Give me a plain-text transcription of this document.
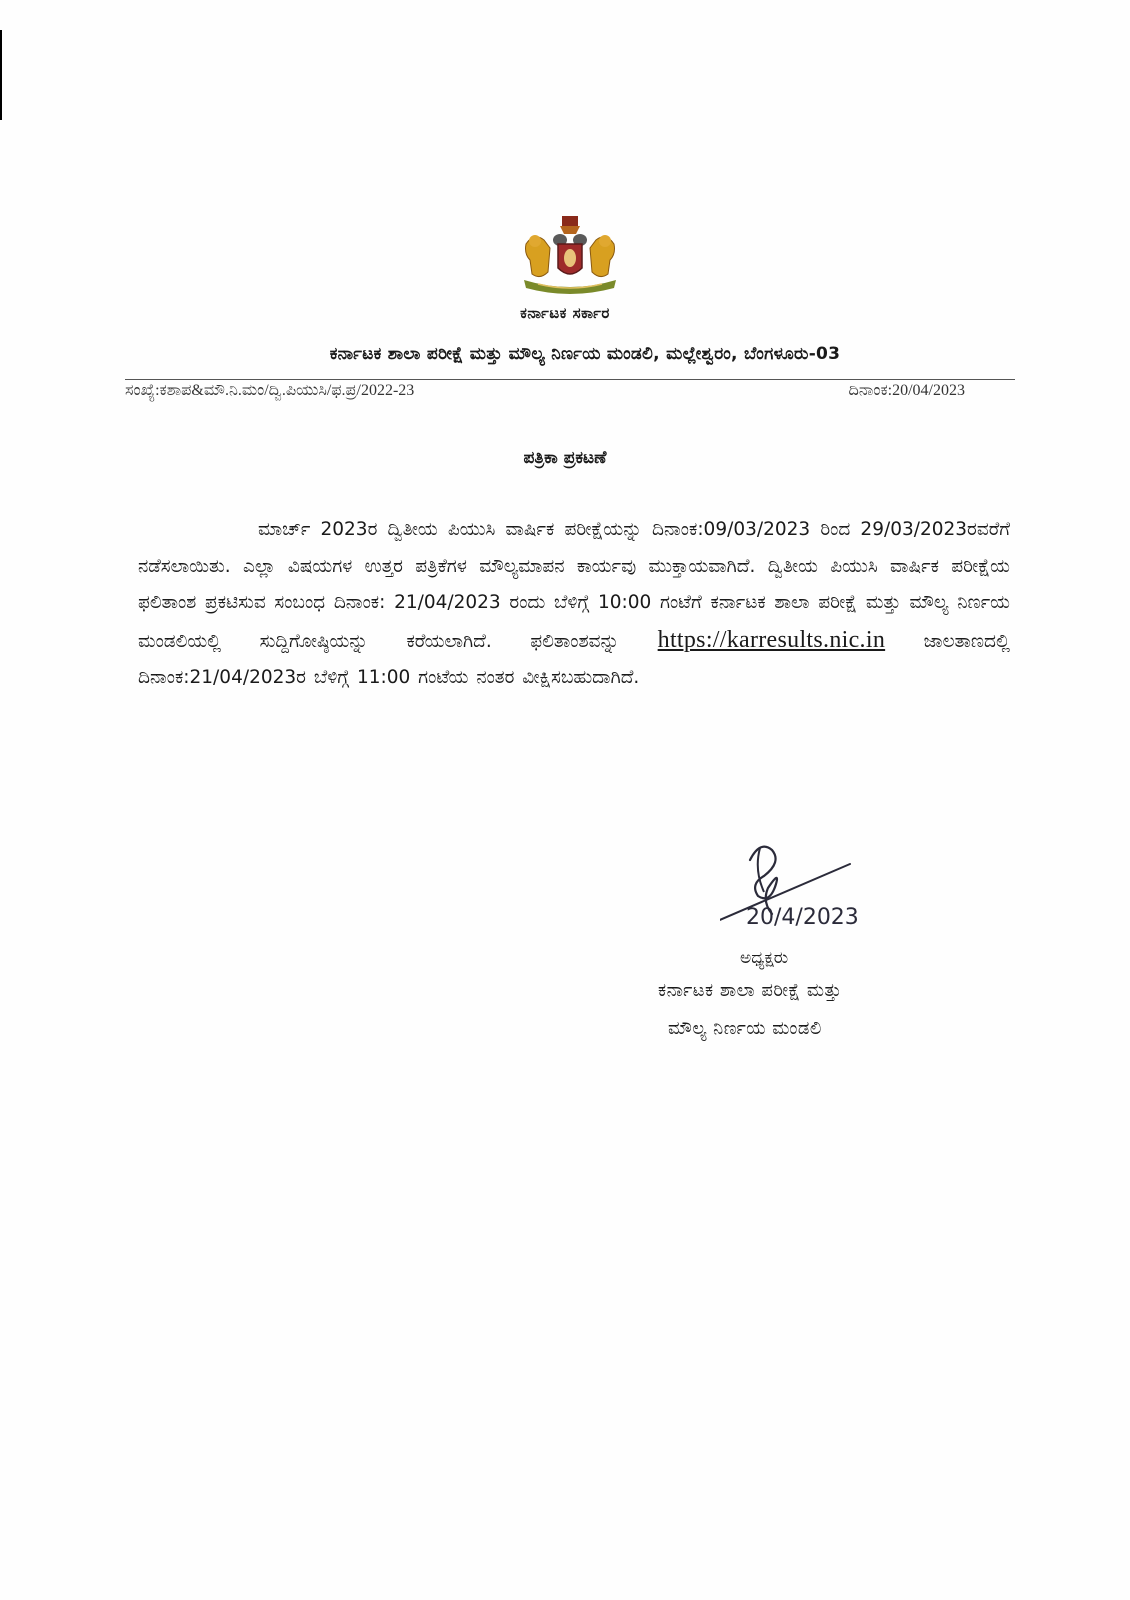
ಕರ್ನಾಟಕ ಸರ್ಕಾರ
ಕರ್ನಾಟಕ ಶಾಲಾ ಪರೀಕ್ಷೆ ಮತ್ತು ಮೌಲ್ಯ ನಿರ್ಣಯ ಮಂಡಲಿ, ಮಲ್ಲೇಶ್ವರಂ, ಬೆಂಗಳೂರು-03
ಸಂಖ್ಯೆ:ಕಶಾಪ&ಮೌ.ನಿ.ಮಂ/ದ್ವಿ.ಪಿಯುಸಿ/ಫ.ಪ್ರ/2022-23	ದಿನಾಂಕ:20/04/2023
ಪತ್ರಿಕಾ ಪ್ರಕಟಣೆ
ಮಾರ್ಚ್ 2023ರ ದ್ವಿತೀಯ ಪಿಯುಸಿ ವಾರ್ಷಿಕ ಪರೀಕ್ಷೆಯನ್ನು ದಿನಾಂಕ:09/03/2023 ರಿಂದ 29/03/2023ರವರೆಗೆ ನಡೆಸಲಾಯಿತು. ಎಲ್ಲಾ ವಿಷಯಗಳ ಉತ್ತರ ಪತ್ರಿಕೆಗಳ ಮೌಲ್ಯಮಾಪನ ಕಾರ್ಯವು ಮುಕ್ತಾಯವಾಗಿದೆ. ದ್ವಿತೀಯ ಪಿಯುಸಿ ವಾರ್ಷಿಕ ಪರೀಕ್ಷೆಯ ಫಲಿತಾಂಶ ಪ್ರಕಟಿಸುವ ಸಂಬಂಧ ದಿನಾಂಕ: 21/04/2023 ರಂದು ಬೆಳಿಗ್ಗೆ 10:00 ಗಂಟೆಗೆ ಕರ್ನಾಟಕ ಶಾಲಾ ಪರೀಕ್ಷೆ ಮತ್ತು ಮೌಲ್ಯ ನಿರ್ಣಯ ಮಂಡಲಿಯಲ್ಲಿ ಸುದ್ದಿಗೋಷ್ಠಿಯನ್ನು ಕರೆಯಲಾಗಿದೆ. ಫಲಿತಾಂಶವನ್ನು https://karresults.nic.in ಜಾಲತಾಣದಲ್ಲಿ ದಿನಾಂಕ:21/04/2023ರ ಬೆಳಿಗ್ಗೆ 11:00 ಗಂಟೆಯ ನಂತರ ವೀಕ್ಷಿಸಬಹುದಾಗಿದೆ.
20/4/2023
ಅಧ್ಯಕ್ಷರು
ಕರ್ನಾಟಕ ಶಾಲಾ ಪರೀಕ್ಷೆ ಮತ್ತು
ಮೌಲ್ಯ ನಿರ್ಣಯ ಮಂಡಲಿ
